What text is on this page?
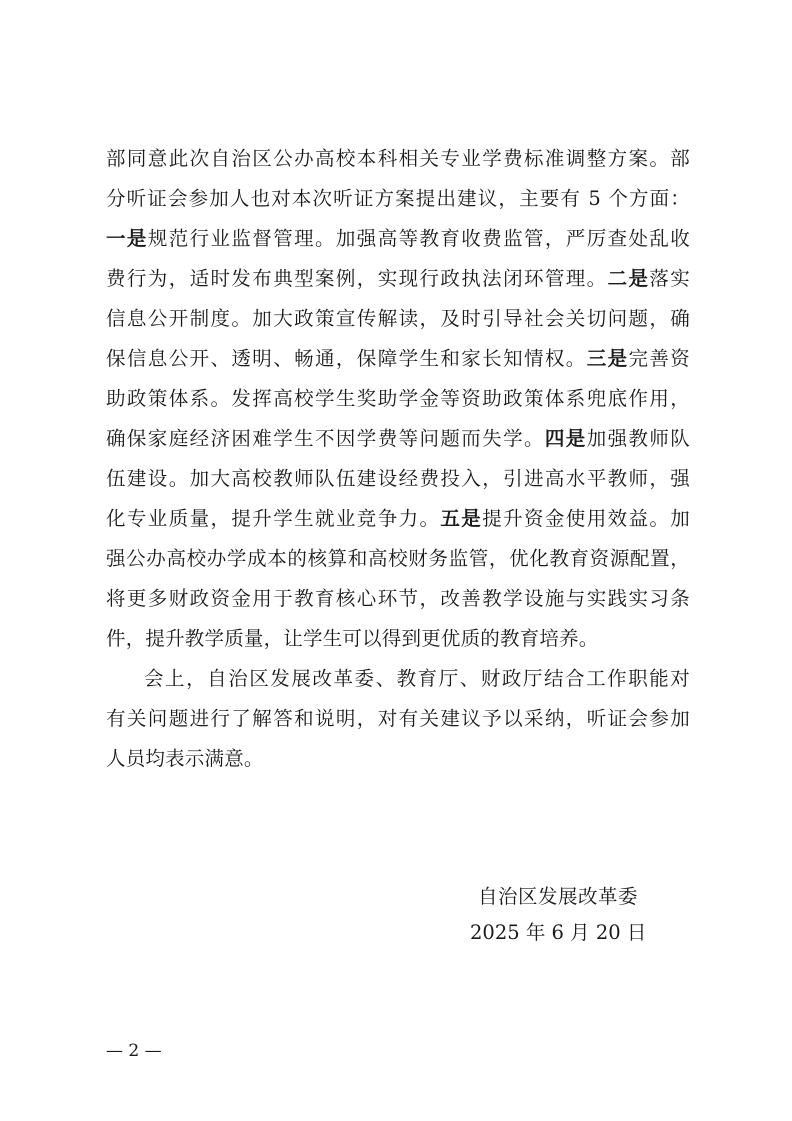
部同意此次自治区公办高校本科相关专业学费标准调整方案。部
分听证会参加人也对本次听证方案提出建议，主要有 5 个方面：
一是规范行业监督管理。加强高等教育收费监管，严厉查处乱收
费行为，适时发布典型案例，实现行政执法闭环管理。二是落实
信息公开制度。加大政策宣传解读，及时引导社会关切问题，确
保信息公开、透明、畅通，保障学生和家长知情权。三是完善资
助政策体系。发挥高校学生奖助学金等资助政策体系兜底作用，
确保家庭经济困难学生不因学费等问题而失学。四是加强教师队
伍建设。加大高校教师队伍建设经费投入，引进高水平教师，强
化专业质量，提升学生就业竞争力。五是提升资金使用效益。加
强公办高校办学成本的核算和高校财务监管，优化教育资源配置，
将更多财政资金用于教育核心环节，改善教学设施与实践实习条
件，提升教学质量，让学生可以得到更优质的教育培养。
会上，自治区发展改革委、教育厅、财政厅结合工作职能对
有关问题进行了解答和说明，对有关建议予以采纳，听证会参加
人员均表示满意。
自治区发展改革委
2025 年 6 月 20 日
— 2 —
